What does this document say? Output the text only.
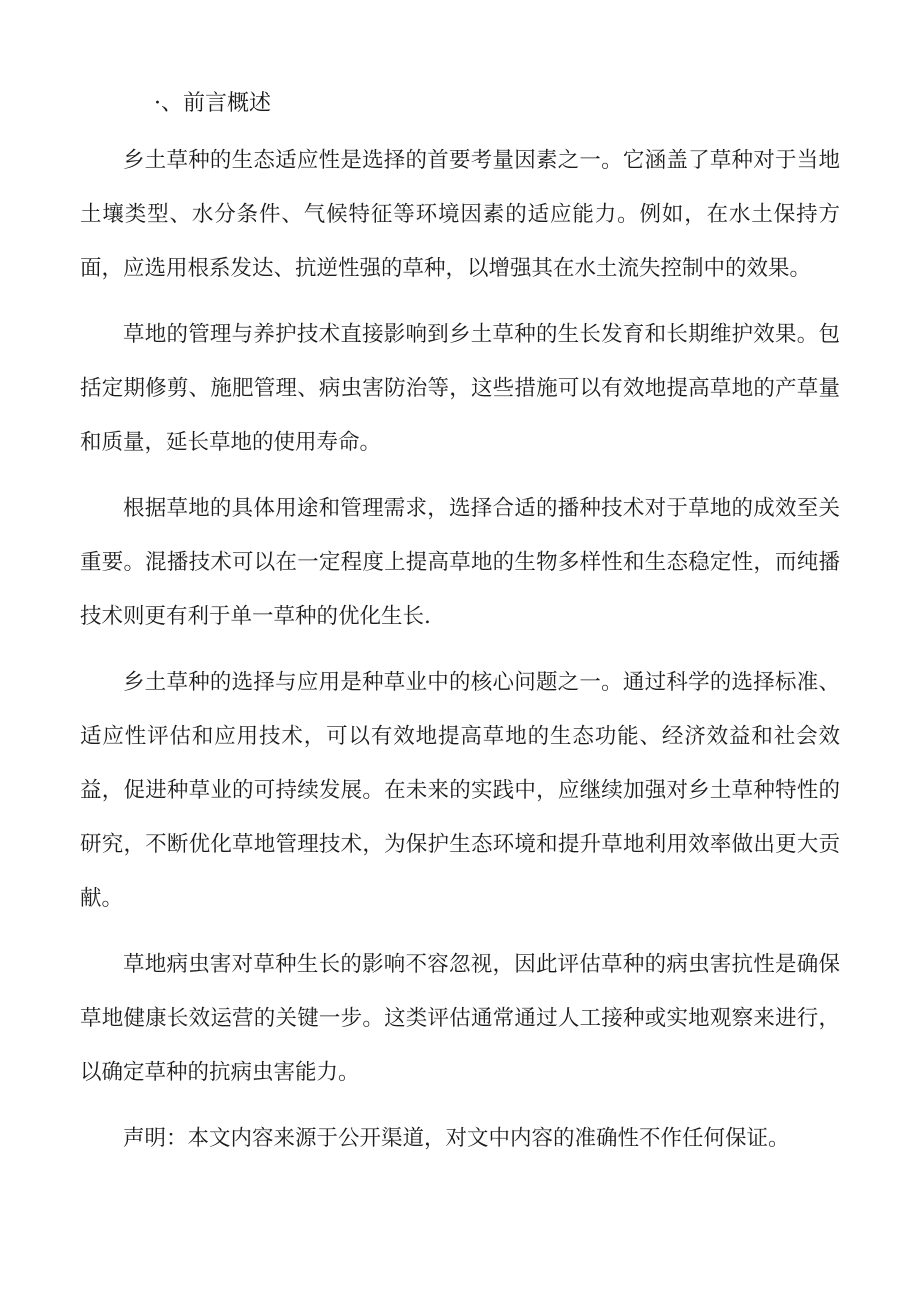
·、前言概述

乡土草种的生态适应性是选择的首要考量因素之一。它涵盖了草种对于当地土壤类型、水分条件、气候特征等环境因素的适应能力。例如，在水土保持方面，应选用根系发达、抗逆性强的草种，以增强其在水土流失控制中的效果。

草地的管理与养护技术直接影响到乡土草种的生长发育和长期维护效果。包括定期修剪、施肥管理、病虫害防治等，这些措施可以有效地提高草地的产草量和质量，延长草地的使用寿命。

根据草地的具体用途和管理需求，选择合适的播种技术对于草地的成效至关重要。混播技术可以在一定程度上提高草地的生物多样性和生态稳定性，而纯播技术则更有利于单一草种的优化生长.

乡土草种的选择与应用是种草业中的核心问题之一。通过科学的选择标准、适应性评估和应用技术，可以有效地提高草地的生态功能、经济效益和社会效益，促进种草业的可持续发展。在未来的实践中，应继续加强对乡土草种特性的研究，不断优化草地管理技术，为保护生态环境和提升草地利用效率做出更大贡献。

草地病虫害对草种生长的影响不容忽视，因此评估草种的病虫害抗性是确保草地健康长效运营的关键一步。这类评估通常通过人工接种或实地观察来进行，以确定草种的抗病虫害能力。

声明：本文内容来源于公开渠道，对文中内容的准确性不作任何保证。
